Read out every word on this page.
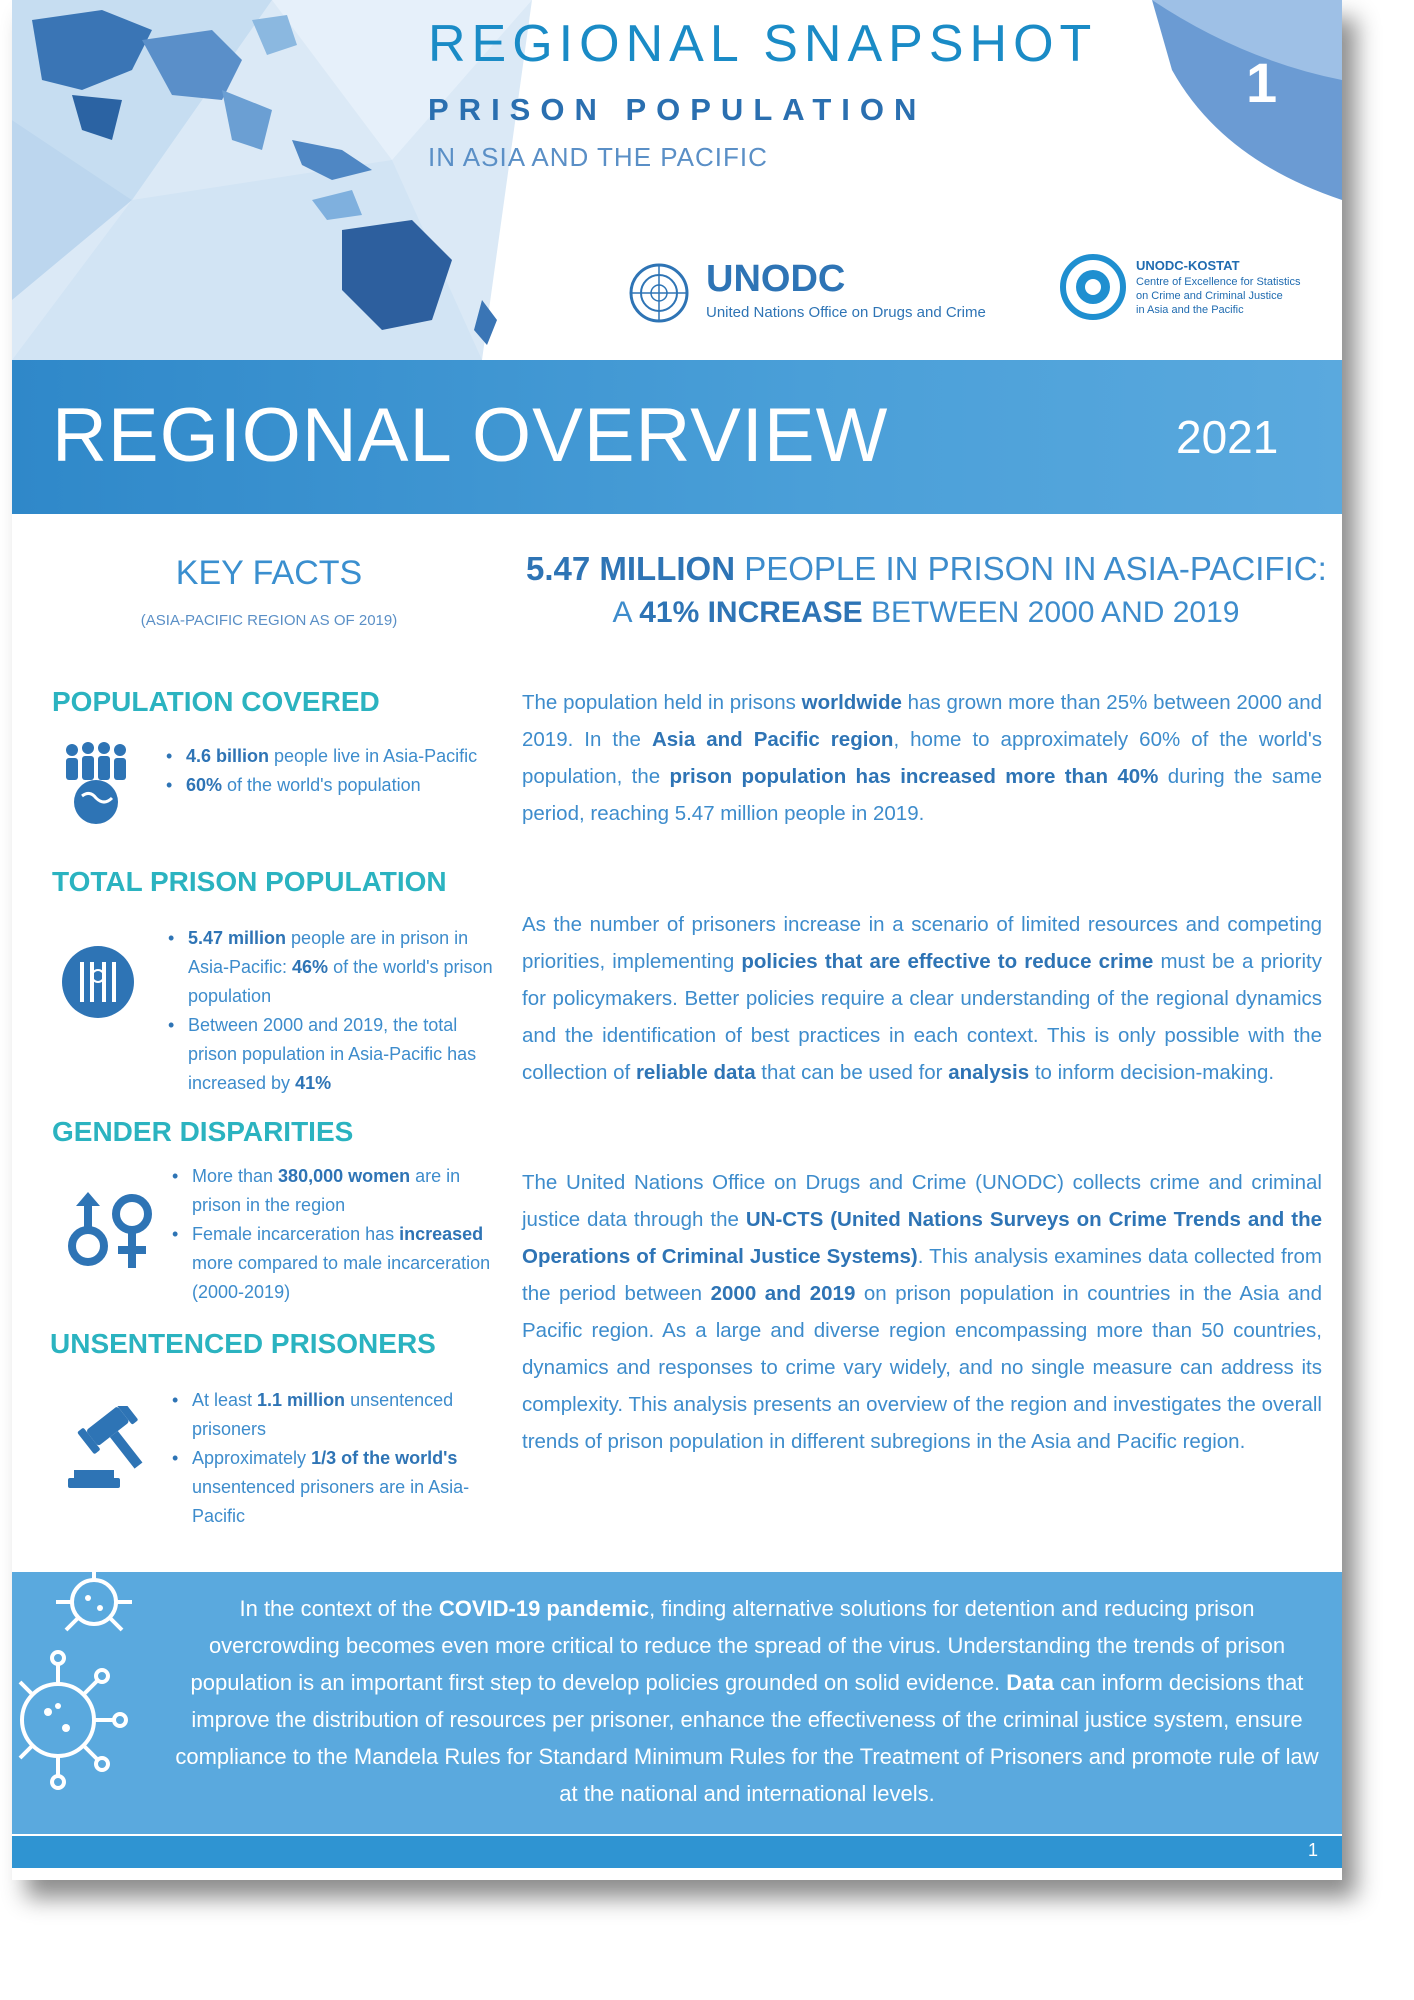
REGIONAL SNAPSHOT
PRISON POPULATION
IN ASIA AND THE PACIFIC
1
UNODC
United Nations Office on Drugs and Crime
UNODC-KOSTAT
Centre of Excellence for Statistics
on Crime and Criminal Justice
in Asia and the Pacific
REGIONAL OVERVIEW	2021
KEY FACTS
(ASIA-PACIFIC REGION AS OF 2019)
POPULATION COVERED
• 4.6 billion people live in Asia-Pacific
• 60% of the world's population
TOTAL PRISON POPULATION
• 5.47 million people are in prison in Asia-Pacific: 46% of the world's prison population
• Between 2000 and 2019, the total prison population in Asia-Pacific has increased by 41%
GENDER DISPARITIES
• More than 380,000 women are in prison in the region
• Female incarceration has increased more compared to male incarceration (2000-2019)
UNSENTENCED PRISONERS
• At least 1.1 million unsentenced prisoners
• Approximately 1/3 of the world's unsentenced prisoners are in Asia-Pacific
5.47 MILLION PEOPLE IN PRISON IN ASIA-PACIFIC:
A 41% INCREASE BETWEEN 2000 AND 2019

The population held in prisons worldwide has grown more than 25% between 2000 and 2019. In the Asia and Pacific region, home to approximately 60% of the world's population, the prison population has increased more than 40% during the same period, reaching 5.47 million people in 2019.

As the number of prisoners increase in a scenario of limited resources and competing priorities, implementing policies that are effective to reduce crime must be a priority for policymakers. Better policies require a clear understanding of the regional dynamics and the identification of best practices in each context. This is only possible with the collection of reliable data that can be used for analysis to inform decision-making.

The United Nations Office on Drugs and Crime (UNODC) collects crime and criminal justice data through the UN-CTS (United Nations Surveys on Crime Trends and the Operations of Criminal Justice Systems). This analysis examines data collected from the period between 2000 and 2019 on prison population in countries in the Asia and Pacific region. As a large and diverse region encompassing more than 50 countries, dynamics and responses to crime vary widely, and no single measure can address its complexity. This analysis presents an overview of the region and investigates the overall trends of prison population in different subregions in the Asia and Pacific region.

In the context of the COVID-19 pandemic, finding alternative solutions for detention and reducing prison overcrowding becomes even more critical to reduce the spread of the virus. Understanding the trends of prison population is an important first step to develop policies grounded on solid evidence. Data can inform decisions that improve the distribution of resources per prisoner, enhance the effectiveness of the criminal justice system, ensure compliance to the Mandela Rules for Standard Minimum Rules for the Treatment of Prisoners and promote rule of law at the national and international levels.

1
